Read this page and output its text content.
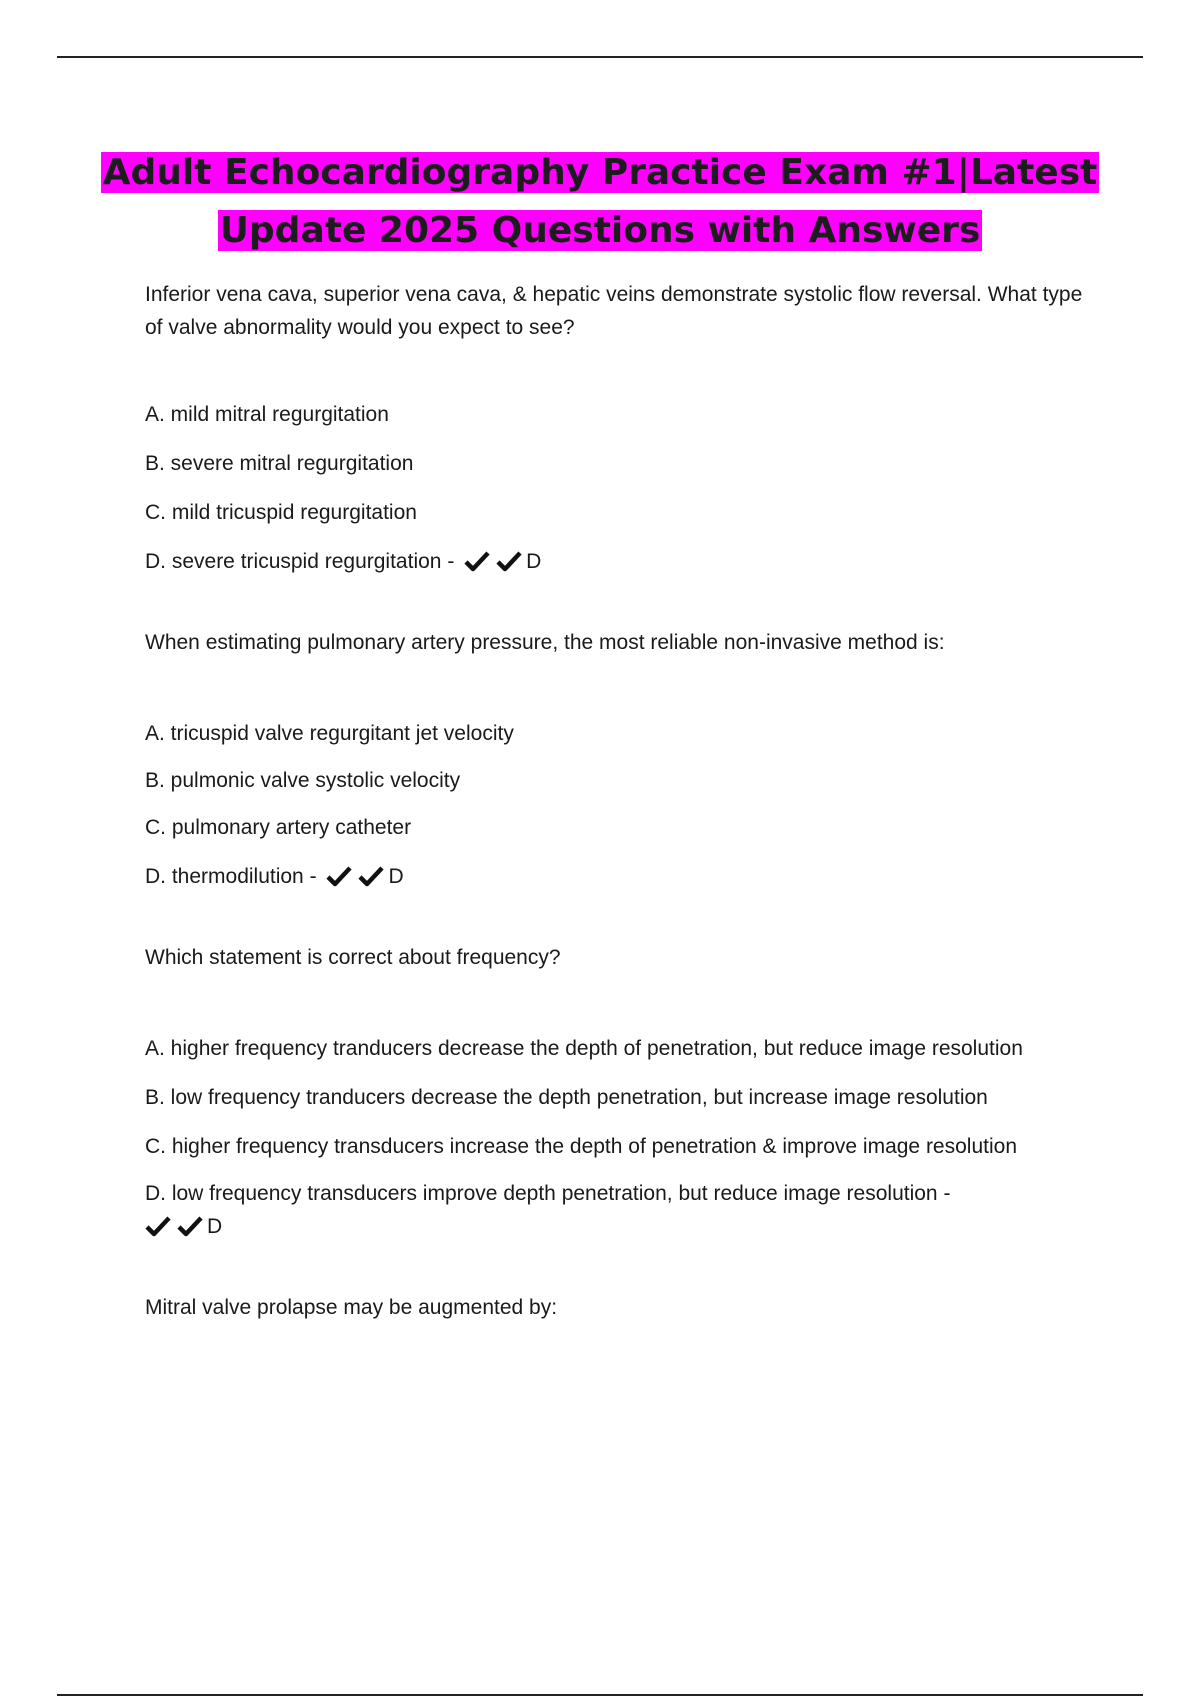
Adult Echocardiography Practice Exam #1|Latest
Update 2025 Questions with Answers

Inferior vena cava, superior vena cava, & hepatic veins demonstrate systolic flow reversal. What type of valve abnormality would you expect to see?

A. mild mitral regurgitation
B. severe mitral regurgitation
C. mild tricuspid regurgitation
D. severe tricuspid regurgitation -	D

When estimating pulmonary artery pressure, the most reliable non-invasive method is:

A. tricuspid valve regurgitant jet velocity
B. pulmonic valve systolic velocity
C. pulmonary artery catheter
D. thermodilution -	D

Which statement is correct about frequency?

A. higher frequency tranducers decrease the depth of penetration, but reduce image resolution
B. low frequency tranducers decrease the depth penetration, but increase image resolution
C. higher frequency transducers increase the depth of penetration & improve image resolution
D. low frequency transducers improve depth penetration, but reduce image resolution -
D

Mitral valve prolapse may be augmented by:
